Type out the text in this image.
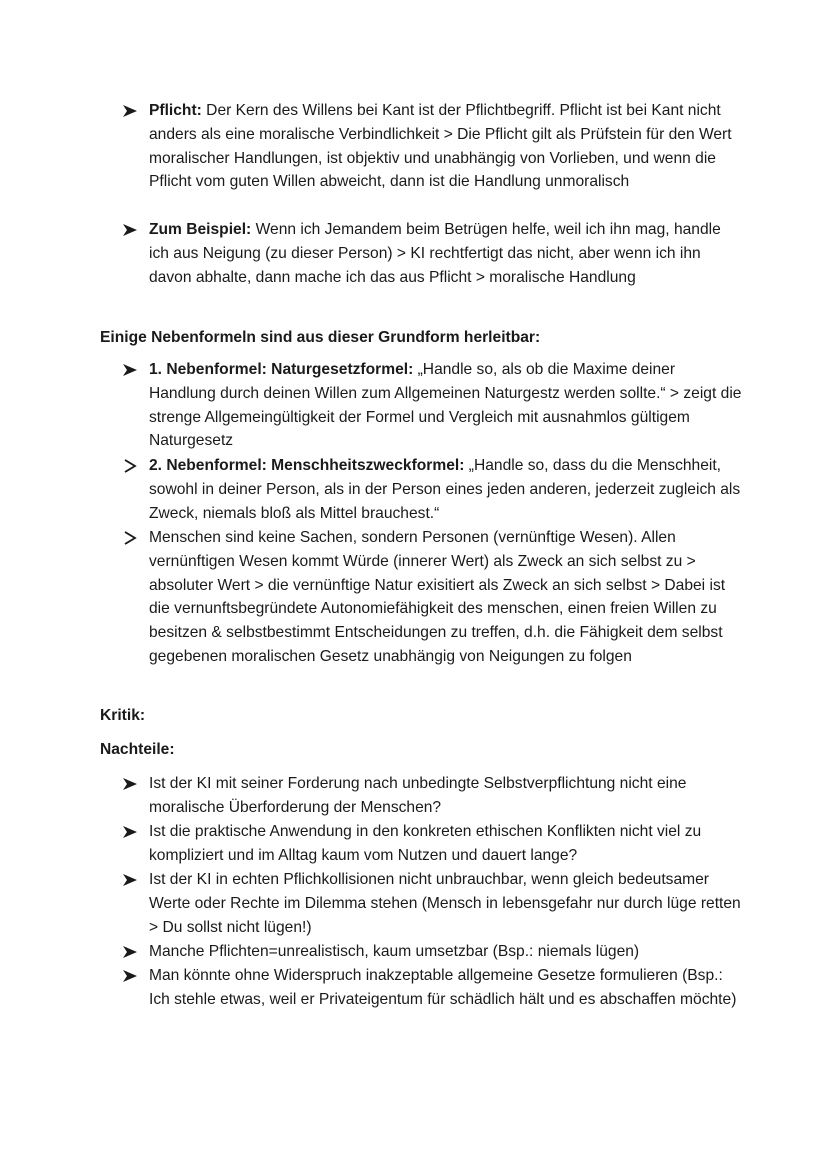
Pflicht: Der Kern des Willens bei Kant ist der Pflichtbegriff. Pflicht ist bei Kant nicht anders als eine moralische Verbindlichkeit > Die Pflicht gilt als Prüfstein für den Wert moralischer Handlungen, ist objektiv und unabhängig von Vorlieben, und wenn die Pflicht vom guten Willen abweicht, dann ist die Handlung unmoralisch
Zum Beispiel: Wenn ich Jemandem beim Betrügen helfe, weil ich ihn mag, handle ich aus Neigung (zu dieser Person) > KI rechtfertigt das nicht, aber wenn ich ihn davon abhalte, dann mache ich das aus Pflicht > moralische Handlung
Einige Nebenformeln sind aus dieser Grundform herleitbar:
1. Nebenformel: Naturgesetzformel: „Handle so, als ob die Maxime deiner Handlung durch deinen Willen zum Allgemeinen Naturgestz werden sollte.“ > zeigt die strenge Allgemeingültigkeit der Formel und Vergleich mit ausnahmlos gültigem Naturgesetz
2. Nebenformel: Menschheitszweckformel: „Handle so, dass du die Menschheit, sowohl in deiner Person, als in der Person eines jeden anderen, jederzeit zugleich als Zweck, niemals bloß als Mittel brauchest.“
Menschen sind keine Sachen, sondern Personen (vernünftige Wesen). Allen vernünftigen Wesen kommt Würde (innerer Wert) als Zweck an sich selbst zu > absoluter Wert > die vernünftige Natur exisitiert als Zweck an sich selbst > Dabei ist die vernunftsbegründete Autonomiefähigkeit des menschen, einen freien Willen zu besitzen & selbstbestimmt Entscheidungen zu treffen, d.h. die Fähigkeit dem selbst gegebenen moralischen Gesetz unabhängig von Neigungen zu folgen
Kritik:
Nachteile:
Ist der KI mit seiner Forderung nach unbedingte Selbstverpflichtung nicht eine moralische Überforderung der Menschen?
Ist die praktische Anwendung in den konkreten ethischen Konflikten nicht viel zu kompliziert und im Alltag kaum vom Nutzen und dauert lange?
Ist der KI in echten Pflichkollisionen nicht unbrauchbar, wenn gleich bedeutsamer Werte oder Rechte im Dilemma stehen (Mensch in lebensgefahr nur durch lüge retten > Du sollst nicht lügen!)
Manche Pflichten=unrealistisch, kaum umsetzbar (Bsp.: niemals lügen)
Man könnte ohne Widerspruch inakzeptable allgemeine Gesetze formulieren (Bsp.: Ich stehle etwas, weil er Privateigentum für schädlich hält und es abschaffen möchte)
